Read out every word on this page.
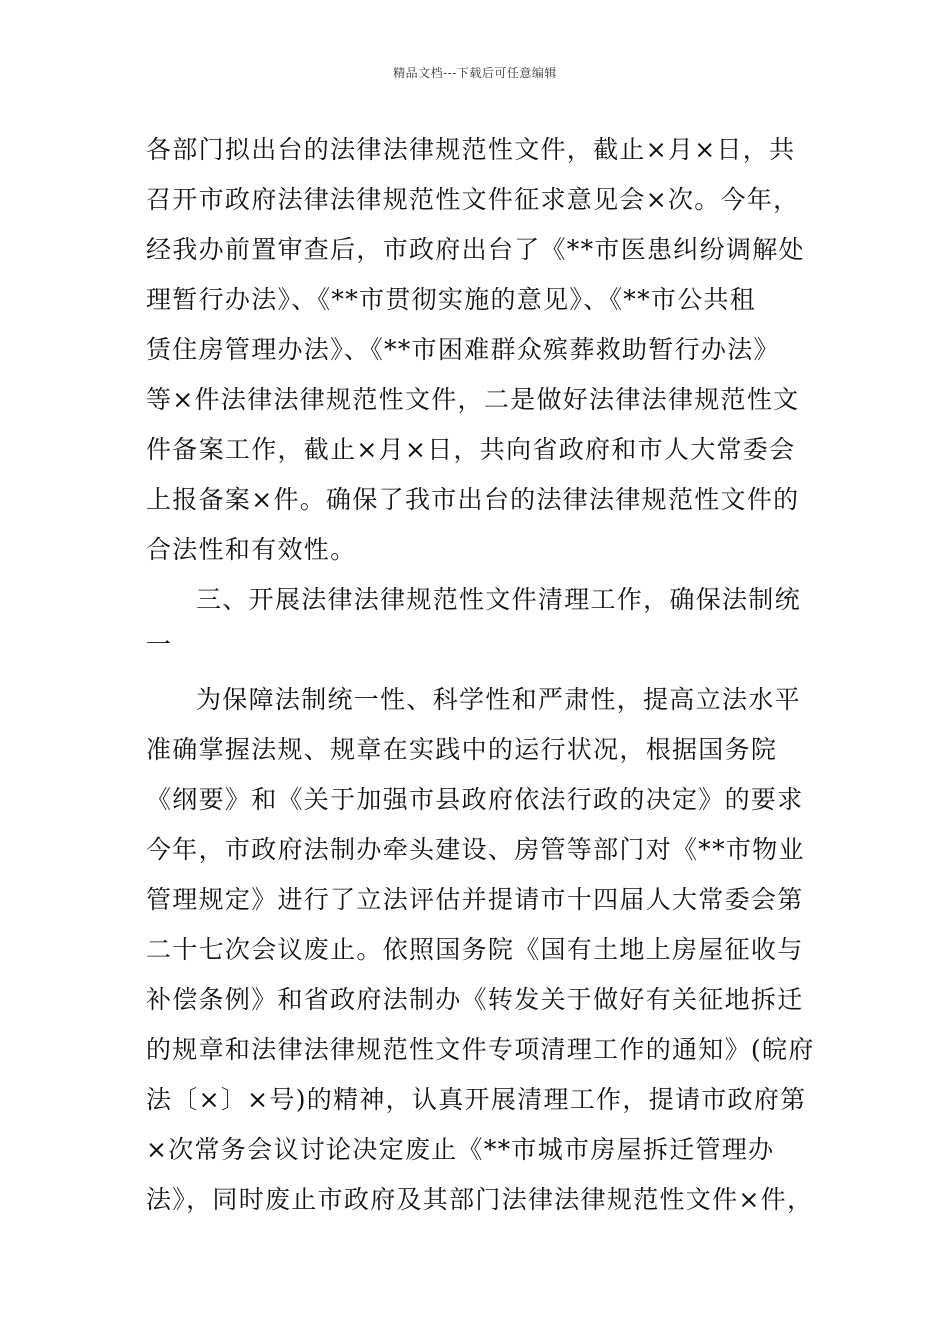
精品文档---下载后可任意编辑
各部门拟出台的法律法律规范性文件，截止×月×日，共
召开市政府法律法律规范性文件征求意见会×次。今年，
经我办前置审查后，市政府出台了《**市医患纠纷调解处
理暂行办法》、《**市贯彻实施的意见》、《**市公共租
赁住房管理办法》、《**市困难群众殡葬救助暂行办法》
等×件法律法律规范性文件，二是做好法律法律规范性文
件备案工作，截止×月×日，共向省政府和市人大常委会
上报备案×件。确保了我市出台的法律法律规范性文件的
合法性和有效性。
三、开展法律法律规范性文件清理工作，确保法制统
一
为保障法制统一性、科学性和严肃性，提高立法水平
准确掌握法规、规章在实践中的运行状况，根据国务院
《纲要》和《关于加强市县政府依法行政的决定》的要求
今年，市政府法制办牵头建设、房管等部门对《**市物业
管理规定》进行了立法评估并提请市十四届人大常委会第
二十七次会议废止。依照国务院《国有土地上房屋征收与
补偿条例》和省政府法制办《转发关于做好有关征地拆迁
的规章和法律法律规范性文件专项清理工作的通知》(皖府
法〔×〕×号)的精神，认真开展清理工作，提请市政府第
×次常务会议讨论决定废止《**市城市房屋拆迁管理办
法》，同时废止市政府及其部门法律法律规范性文件×件，
